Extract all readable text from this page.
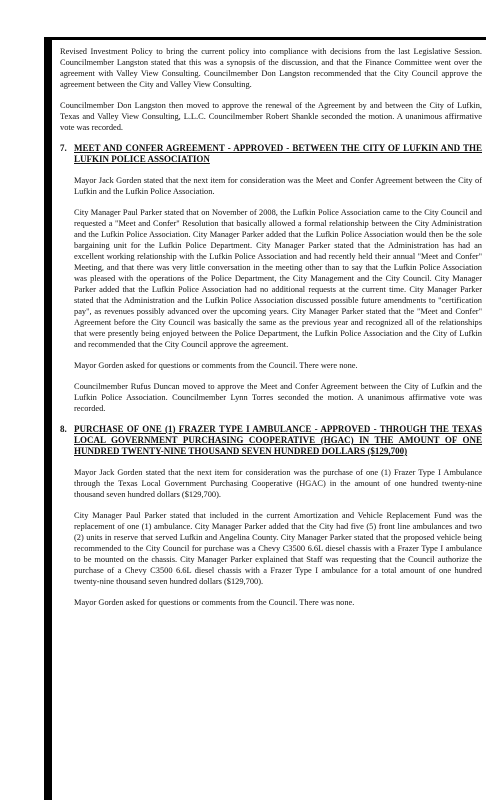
Revised Investment Policy to bring the current policy into compliance with decisions from the last Legislative Session. Councilmember Langston stated that this was a synopsis of the discussion, and that the Finance Committee went over the agreement with Valley View Consulting. Councilmember Don Langston recommended that the City Council approve the agreement between the City and Valley View Consulting.

Councilmember Don Langston then moved to approve the renewal of the Agreement by and between the City of Lufkin, Texas and Valley View Consulting, L.L.C. Councilmember Robert Shankle seconded the motion. A unanimous affirmative vote was recorded.

7. MEET AND CONFER AGREEMENT - APPROVED - BETWEEN THE CITY OF LUFKIN AND THE LUFKIN POLICE ASSOCIATION

Mayor Jack Gorden stated that the next item for consideration was the Meet and Confer Agreement between the City of Lufkin and the Lufkin Police Association.

City Manager Paul Parker stated that on November of 2008, the Lufkin Police Association came to the City Council and requested a "Meet and Confer" Resolution that basically allowed a formal relationship between the City Administration and the Lufkin Police Association. City Manager Parker added that the Lufkin Police Association would then be the sole bargaining unit for the Lufkin Police Department. City Manager Parker stated that the Administration has had an excellent working relationship with the Lufkin Police Association and had recently held their annual "Meet and Confer" Meeting, and that there was very little conversation in the meeting other than to say that the Lufkin Police Association was pleased with the operations of the Police Department, the City Management and the City Council. City Manager Parker added that the Lufkin Police Association had no additional requests at the current time. City Manager Parker stated that the Administration and the Lufkin Police Association discussed possible future amendments to "certification pay", as revenues possibly advanced over the upcoming years. City Manager Parker stated that the "Meet and Confer" Agreement before the City Council was basically the same as the previous year and recognized all of the relationships that were presently being enjoyed between the Police Department, the Lufkin Police Association and the City of Lufkin and recommended that the City Council approve the agreement.

Mayor Gorden asked for questions or comments from the Council. There were none.

Councilmember Rufus Duncan moved to approve the Meet and Confer Agreement between the City of Lufkin and the Lufkin Police Association. Councilmember Lynn Torres seconded the motion. A unanimous affirmative vote was recorded.

8. PURCHASE OF ONE (1) FRAZER TYPE I AMBULANCE - APPROVED - THROUGH THE TEXAS LOCAL GOVERNMENT PURCHASING COOPERATIVE (HGAC) IN THE AMOUNT OF ONE HUNDRED TWENTY-NINE THOUSAND SEVEN HUNDRED DOLLARS ($129,700)

Mayor Jack Gorden stated that the next item for consideration was the purchase of one (1) Frazer Type I Ambulance through the Texas Local Government Purchasing Cooperative (HGAC) in the amount of one hundred twenty-nine thousand seven hundred dollars ($129,700).

City Manager Paul Parker stated that included in the current Amortization and Vehicle Replacement Fund was the replacement of one (1) ambulance. City Manager Parker added that the City had five (5) front line ambulances and two (2) units in reserve that served Lufkin and Angelina County. City Manager Parker stated that the proposed vehicle being recommended to the City Council for purchase was a Chevy C3500 6.6L diesel chassis with a Frazer Type I ambulance to be mounted on the chassis. City Manager Parker explained that Staff was requesting that the Council authorize the purchase of a Chevy C3500 6.6L diesel chassis with a Frazer Type I ambulance for a total amount of one hundred twenty-nine thousand seven hundred dollars ($129,700).

Mayor Gorden asked for questions or comments from the Council. There was none.
